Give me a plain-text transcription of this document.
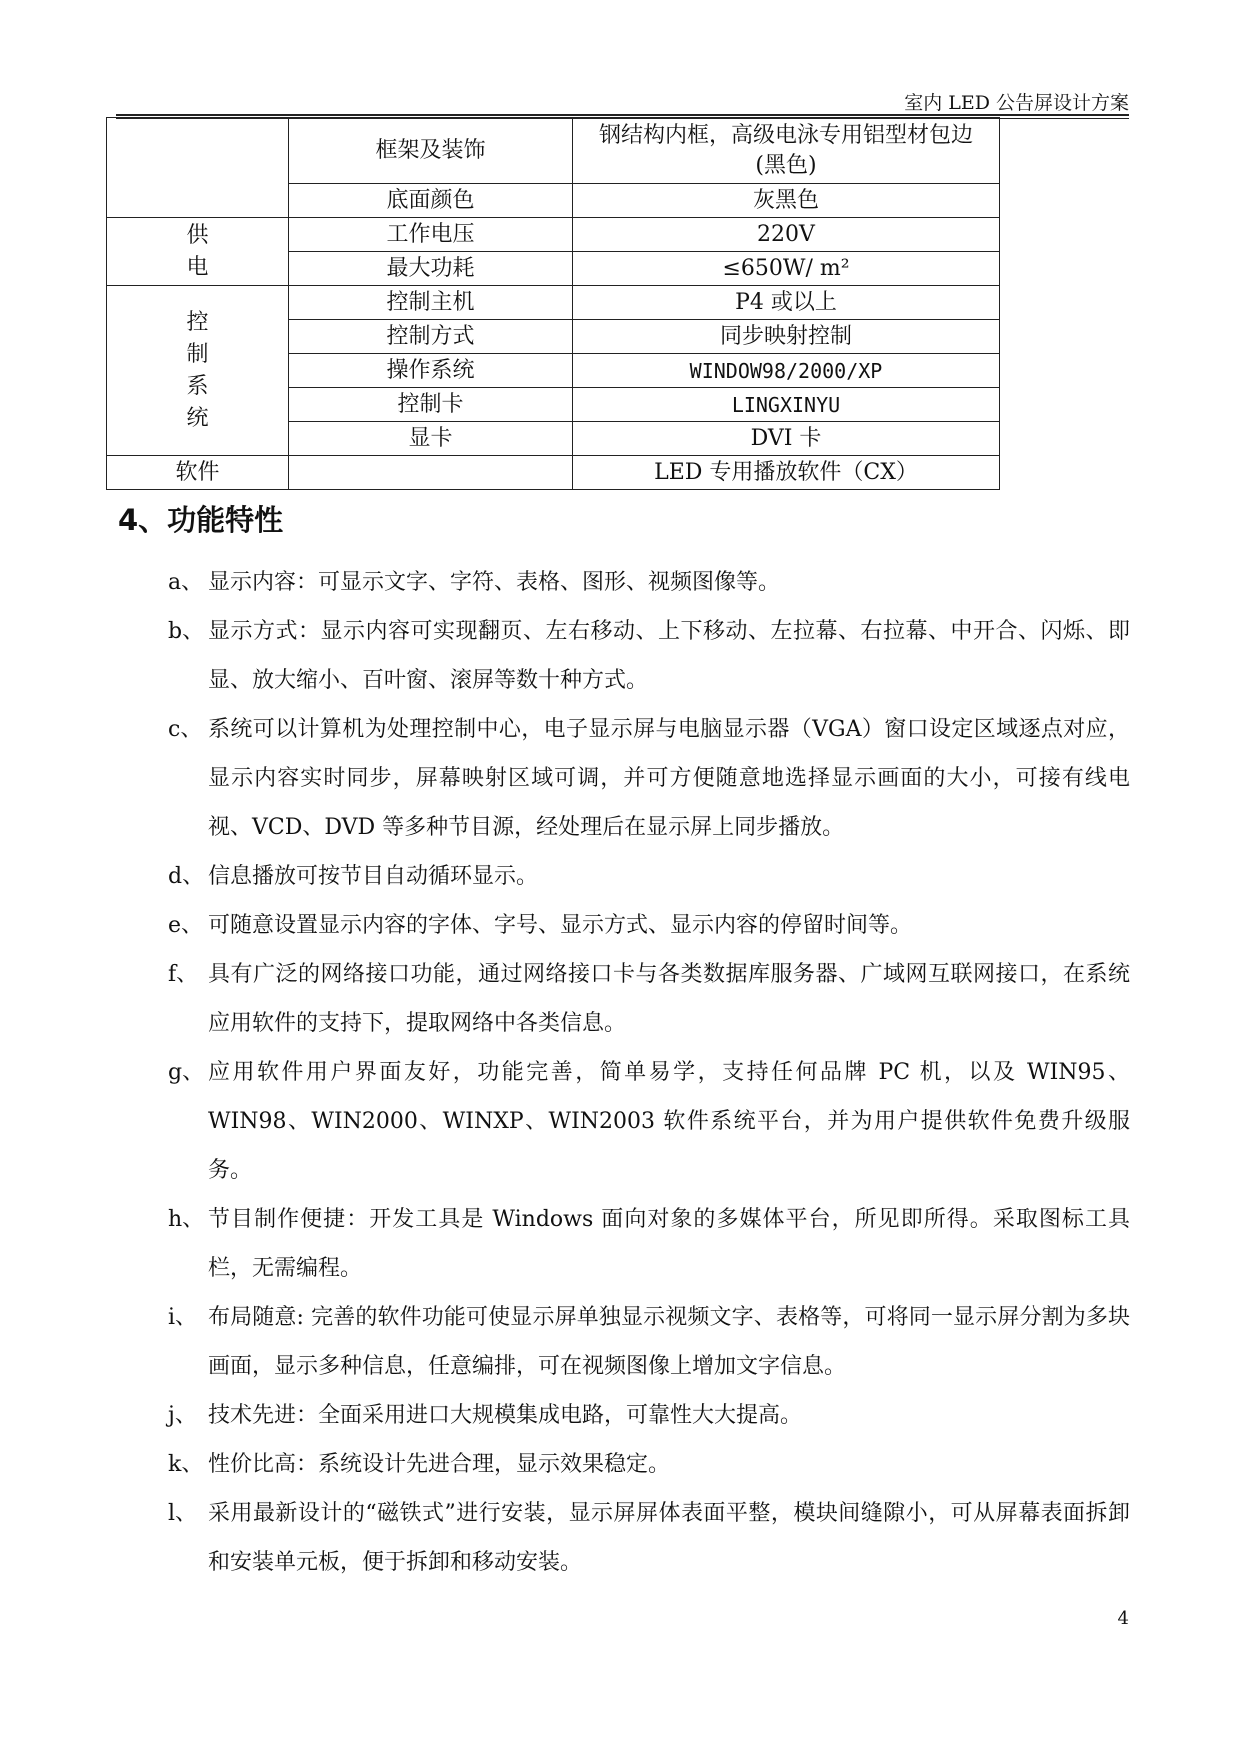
室内 LED 公告屏设计方案
	框架及装饰	钢结构内框，高级电泳专用铝型材包边(黑色)
	底面颜色	灰黑色

供电	工作电压	220V
	最大功耗	≤650W/ m²

控制系统	控制主机	P4 或以上
	控制方式	同步映射控制
	操作系统	WINDOW98/2000/XP
	控制卡	LINGXINYU
	显卡	DVI 卡
软件		LED 专用播放软件（CX）
4、功能特性
a、 显示内容：可显示文字、字符、表格、图形、视频图像等。
b、 显示方式：显示内容可实现翻页、左右移动、上下移动、左拉幕、右拉幕、中开合、闪烁、即显、放大缩小、百叶窗、滚屏等数十种方式。
c、 系统可以计算机为处理控制中心，电子显示屏与电脑显示器（VGA）窗口设定区域逐点对应，显示内容实时同步，屏幕映射区域可调，并可方便随意地选择显示画面的大小，可接有线电视、VCD、DVD 等多种节目源，经处理后在显示屏上同步播放。
d、 信息播放可按节目自动循环显示。
e、 可随意设置显示内容的字体、字号、显示方式、显示内容的停留时间等。
f、 具有广泛的网络接口功能，通过网络接口卡与各类数据库服务器、广域网互联网接口，在系统应用软件的支持下，提取网络中各类信息。
g、 应用软件用户界面友好，功能完善，简单易学，支持任何品牌 PC 机，以及 WIN95、WIN98、WIN2000、WINXP、WIN2003 软件系统平台，并为用户提供软件免费升级服务。
h、 节目制作便捷：开发工具是 Windows 面向对象的多媒体平台，所见即所得。采取图标工具栏，无需编程。
i、 布局随意: 完善的软件功能可使显示屏单独显示视频文字、表格等，可将同一显示屏分割为多块画面，显示多种信息，任意编排，可在视频图像上增加文字信息。
j、 技术先进：全面采用进口大规模集成电路，可靠性大大提高。
k、 性价比高：系统设计先进合理，显示效果稳定。
l、 采用最新设计的“磁铁式”进行安装，显示屏屏体表面平整，模块间缝隙小，可从屏幕表面拆卸和安装单元板，便于拆卸和移动安装。
4
